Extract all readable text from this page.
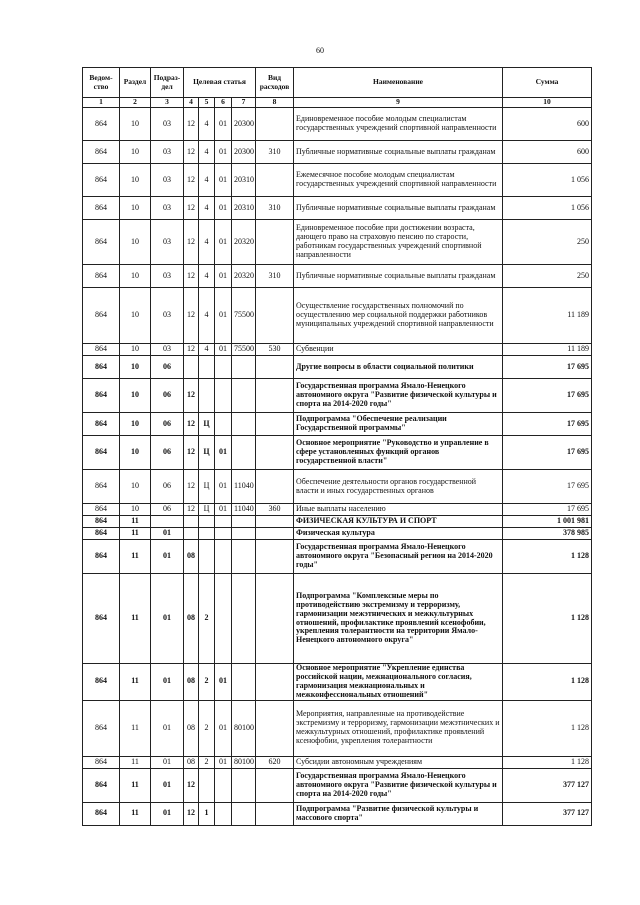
60
Ведом-ство	Раздел	Подраз-дел	Целевая статья				Вид расходов	Наименование	Сумма
1	2	3	4	5	6	7	8	9	10
864	10	03	12	4	01	20300		Единовременное пособие молодым специалистам государственных учреждений спортивной направленности	600
864	10	03	12	4	01	20300	310	Публичные нормативные социальные выплаты гражданам	600
864	10	03	12	4	01	20310		Ежемесячное пособие молодым специалистам государственных учреждений спортивной направленности	1 056
864	10	03	12	4	01	20310	310	Публичные нормативные социальные выплаты гражданам	1 056
864	10	03	12	4	01	20320		Единовременное пособие при достижении возраста, дающего право на страховую пенсию по старости, работникам государственных учреждений спортивной направленности	250
864	10	03	12	4	01	20320	310	Публичные нормативные социальные выплаты гражданам	250
864	10	03	12	4	01	75500		Осуществление государственных полномочий по осуществлению мер социальной поддержки работников муниципальных учреждений спортивной направленности	11 189
864	10	03	12	4	01	75500	530	Субвенции	11 189
864	10	06						Другие вопросы в области социальной политики	17 695
864	10	06	12					Государственная программа Ямало-Ненецкого автономного округа "Развитие физической культуры и спорта на 2014-2020 годы"	17 695
864	10	06	12	Ц				Подпрограмма "Обеспечение реализации Государственной программы"	17 695
864	10	06	12	Ц	01			Основное мероприятие "Руководство и управление в сфере установленных функций органов государственной власти"	17 695
864	10	06	12	Ц	01	11040		Обеспечение деятельности органов государственной власти и иных государственных органов	17 695
864	10	06	12	Ц	01	11040	360	Иные выплаты населению	17 695
864	11							ФИЗИЧЕСКАЯ КУЛЬТУРА И СПОРТ	1 001 981
864	11	01						Физическая культура	378 985
864	11	01	08					Государственная программа Ямало-Ненецкого автономного округа "Безопасный регион на 2014-2020 годы"	1 128
864	11	01	08	2				Подпрограмма "Комплексные меры по противодействию экстремизму и терроризму, гармонизации межэтнических и межкультурных отношений, профилактике проявлений ксенофобии, укрепления толерантности на территории Ямало-Ненецкого автономного округа"	1 128
864	11	01	08	2	01			Основное мероприятие "Укрепление единства российской нации, межнационального согласия, гармонизация межнациональных и межконфессиональных отношений"	1 128
864	11	01	08	2	01	80100		Мероприятия, направленные на противодействие экстремизму и терроризму, гармонизации межэтнических и межкультурных отношений, профилактике проявлений ксенофобии, укрепления толерантности	1 128
864	11	01	08	2	01	80100	620	Субсидии автономным учреждениям	1 128
864	11	01	12					Государственная программа Ямало-Ненецкого автономного округа "Развитие физической культуры и спорта на 2014-2020 годы"	377 127
864	11	01	12	1				Подпрограмма "Развитие физической культуры и массового спорта"	377 127
